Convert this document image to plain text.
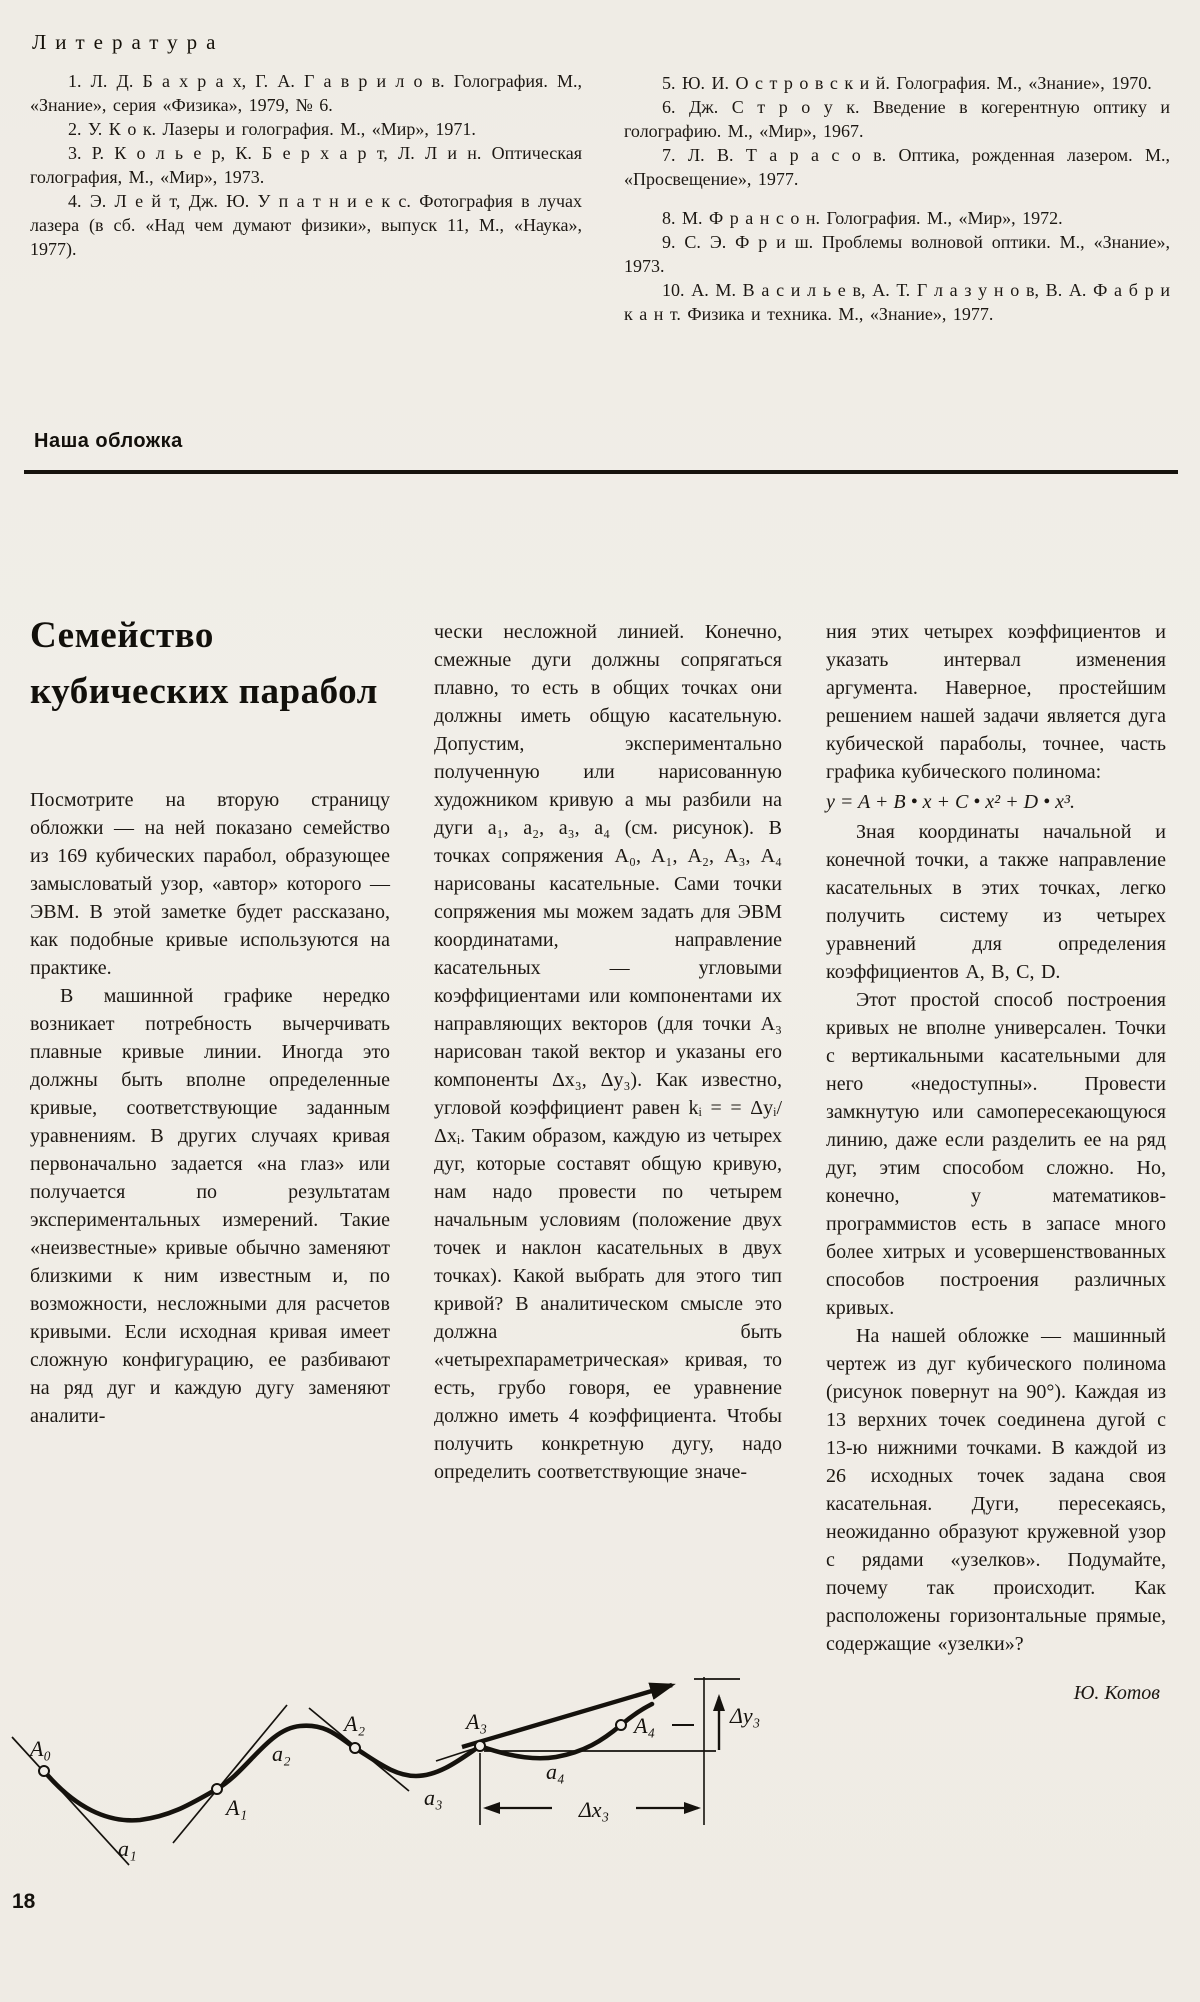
Литература

1. Л. Д. Б а х р а х, Г. А. Г а в р и л о в. Голография. М., «Знание», серия «Физика», 1979, № 6.

2. У. К о к. Лазеры и голография. М., «Мир», 1971.

3. Р. К о л ь е р, К. Б е р х а р т, Л. Л и н. Оптическая голография, М., «Мир», 1973.

4. Э. Л е й т, Дж. Ю. У п а т н и е к с. Фотография в лучах лазера (в сб. «Над чем думают физики», выпуск 11, М., «Наука», 1977).

5. Ю. И. О с т р о в с к и й. Голография. М., «Знание», 1970.

6. Дж. С т р о у к. Введение в когерентную оптику и голографию. М., «Мир», 1967.

7. Л. В. Т а р а с о в. Оптика, рожденная лазером. М., «Просвещение», 1977.

8. М. Ф р а н с о н. Голография. М., «Мир», 1972.

9. С. Э. Ф р и ш. Проблемы волновой оптики. М., «Знание», 1973.

10. А. М. В а с и л ь е в, А. Т. Г л а з у н о в, В. А. Ф а б р и к а н т. Физика и техника. М., «Знание», 1977.

Наша обложка
Семейство кубических парабол

Посмотрите на вторую страницу обложки — на ней показано семейство из 169 кубических парабол, образующее замысловатый узор, «автор» которого — ЭВМ. В этой заметке будет рассказано, как подобные кривые используются на практике.

В машинной графике нередко возникает потребность вычерчивать плавные кривые линии. Иногда это должны быть вполне определенные кривые, соответствующие заданным уравнениям. В других случаях кривая первоначально задается «на глаз» или получается по результатам экспериментальных измерений. Такие «неизвестные» кривые обычно заменяют близкими к ним известным и, по возможности, несложными для расчетов кривыми. Если исходная кривая имеет сложную конфигурацию, ее разбивают на ряд дуг и каждую дугу заменяют аналити-

чески несложной линией. Конечно, смежные дуги должны сопрягаться плавно, то есть в общих точках они должны иметь общую касательную. Допустим, экспериментально полученную или нарисованную художником кривую a мы разбили на дуги a₁, a₂, a₃, a₄ (см. рисунок). В точках сопряжения A₀, A₁, A₂, A₃, A₄ нарисованы касательные. Сами точки сопряжения мы можем задать для ЭВМ координатами, направление касательных — угловыми коэффициентами или компонентами их направляющих векторов (для точки A₃ нарисован такой вектор и указаны его компоненты Δx₃, Δy₃). Как известно, угловой коэффициент равен kᵢ = = Δyᵢ/Δxᵢ. Таким образом, каждую из четырех дуг, которые составят общую кривую, нам надо провести по четырем начальным условиям (положение двух точек и наклон касательных в двух точках). Какой выбрать для этого тип кривой? В аналитическом смысле это должна быть «четырехпараметрическая» кривая, то есть, грубо говоря, ее уравнение должно иметь 4 коэффициента. Чтобы получить конкретную дугу, надо определить соответствующие значе-

ния этих четырех коэффициентов и указать интервал изменения аргумента. Наверное, простейшим решением нашей задачи является дуга кубической параболы, точнее, часть графика кубического полинома:

y = A + B • x + C • x² + D • x³.

Зная координаты начальной и конечной точки, а также направление касательных в этих точках, легко получить систему из четырех уравнений для определения коэффициентов A, B, C, D.

Этот простой способ построения кривых не вполне универсален. Точки с вертикальными касательными для него «недоступны». Провести замкнутую или самопересекающуюся линию, даже если разделить ее на ряд дуг, этим способом сложно. Но, конечно, у математиков-программистов есть в запасе много более хитрых и усовершенствованных способов построения различных кривых.

На нашей обложке — машинный чертеж из дуг кубического полинома (рисунок повернут на 90°). Каждая из 13 верхних точек соединена дугой с 13-ю нижними точками. В каждой из 26 исходных точек задана своя касательная. Дуги, пересекаясь, неожиданно образуют кружевной узор с рядами «узелков». Подумайте, почему так происходит. Как расположены горизонтальные прямые, содержащие «узелки»?

Ю. Котов
A₀
a₁
A₁
a₂
A₂
a₃
A₃
a₄
A₄	Δy₃
Δx₃
18
